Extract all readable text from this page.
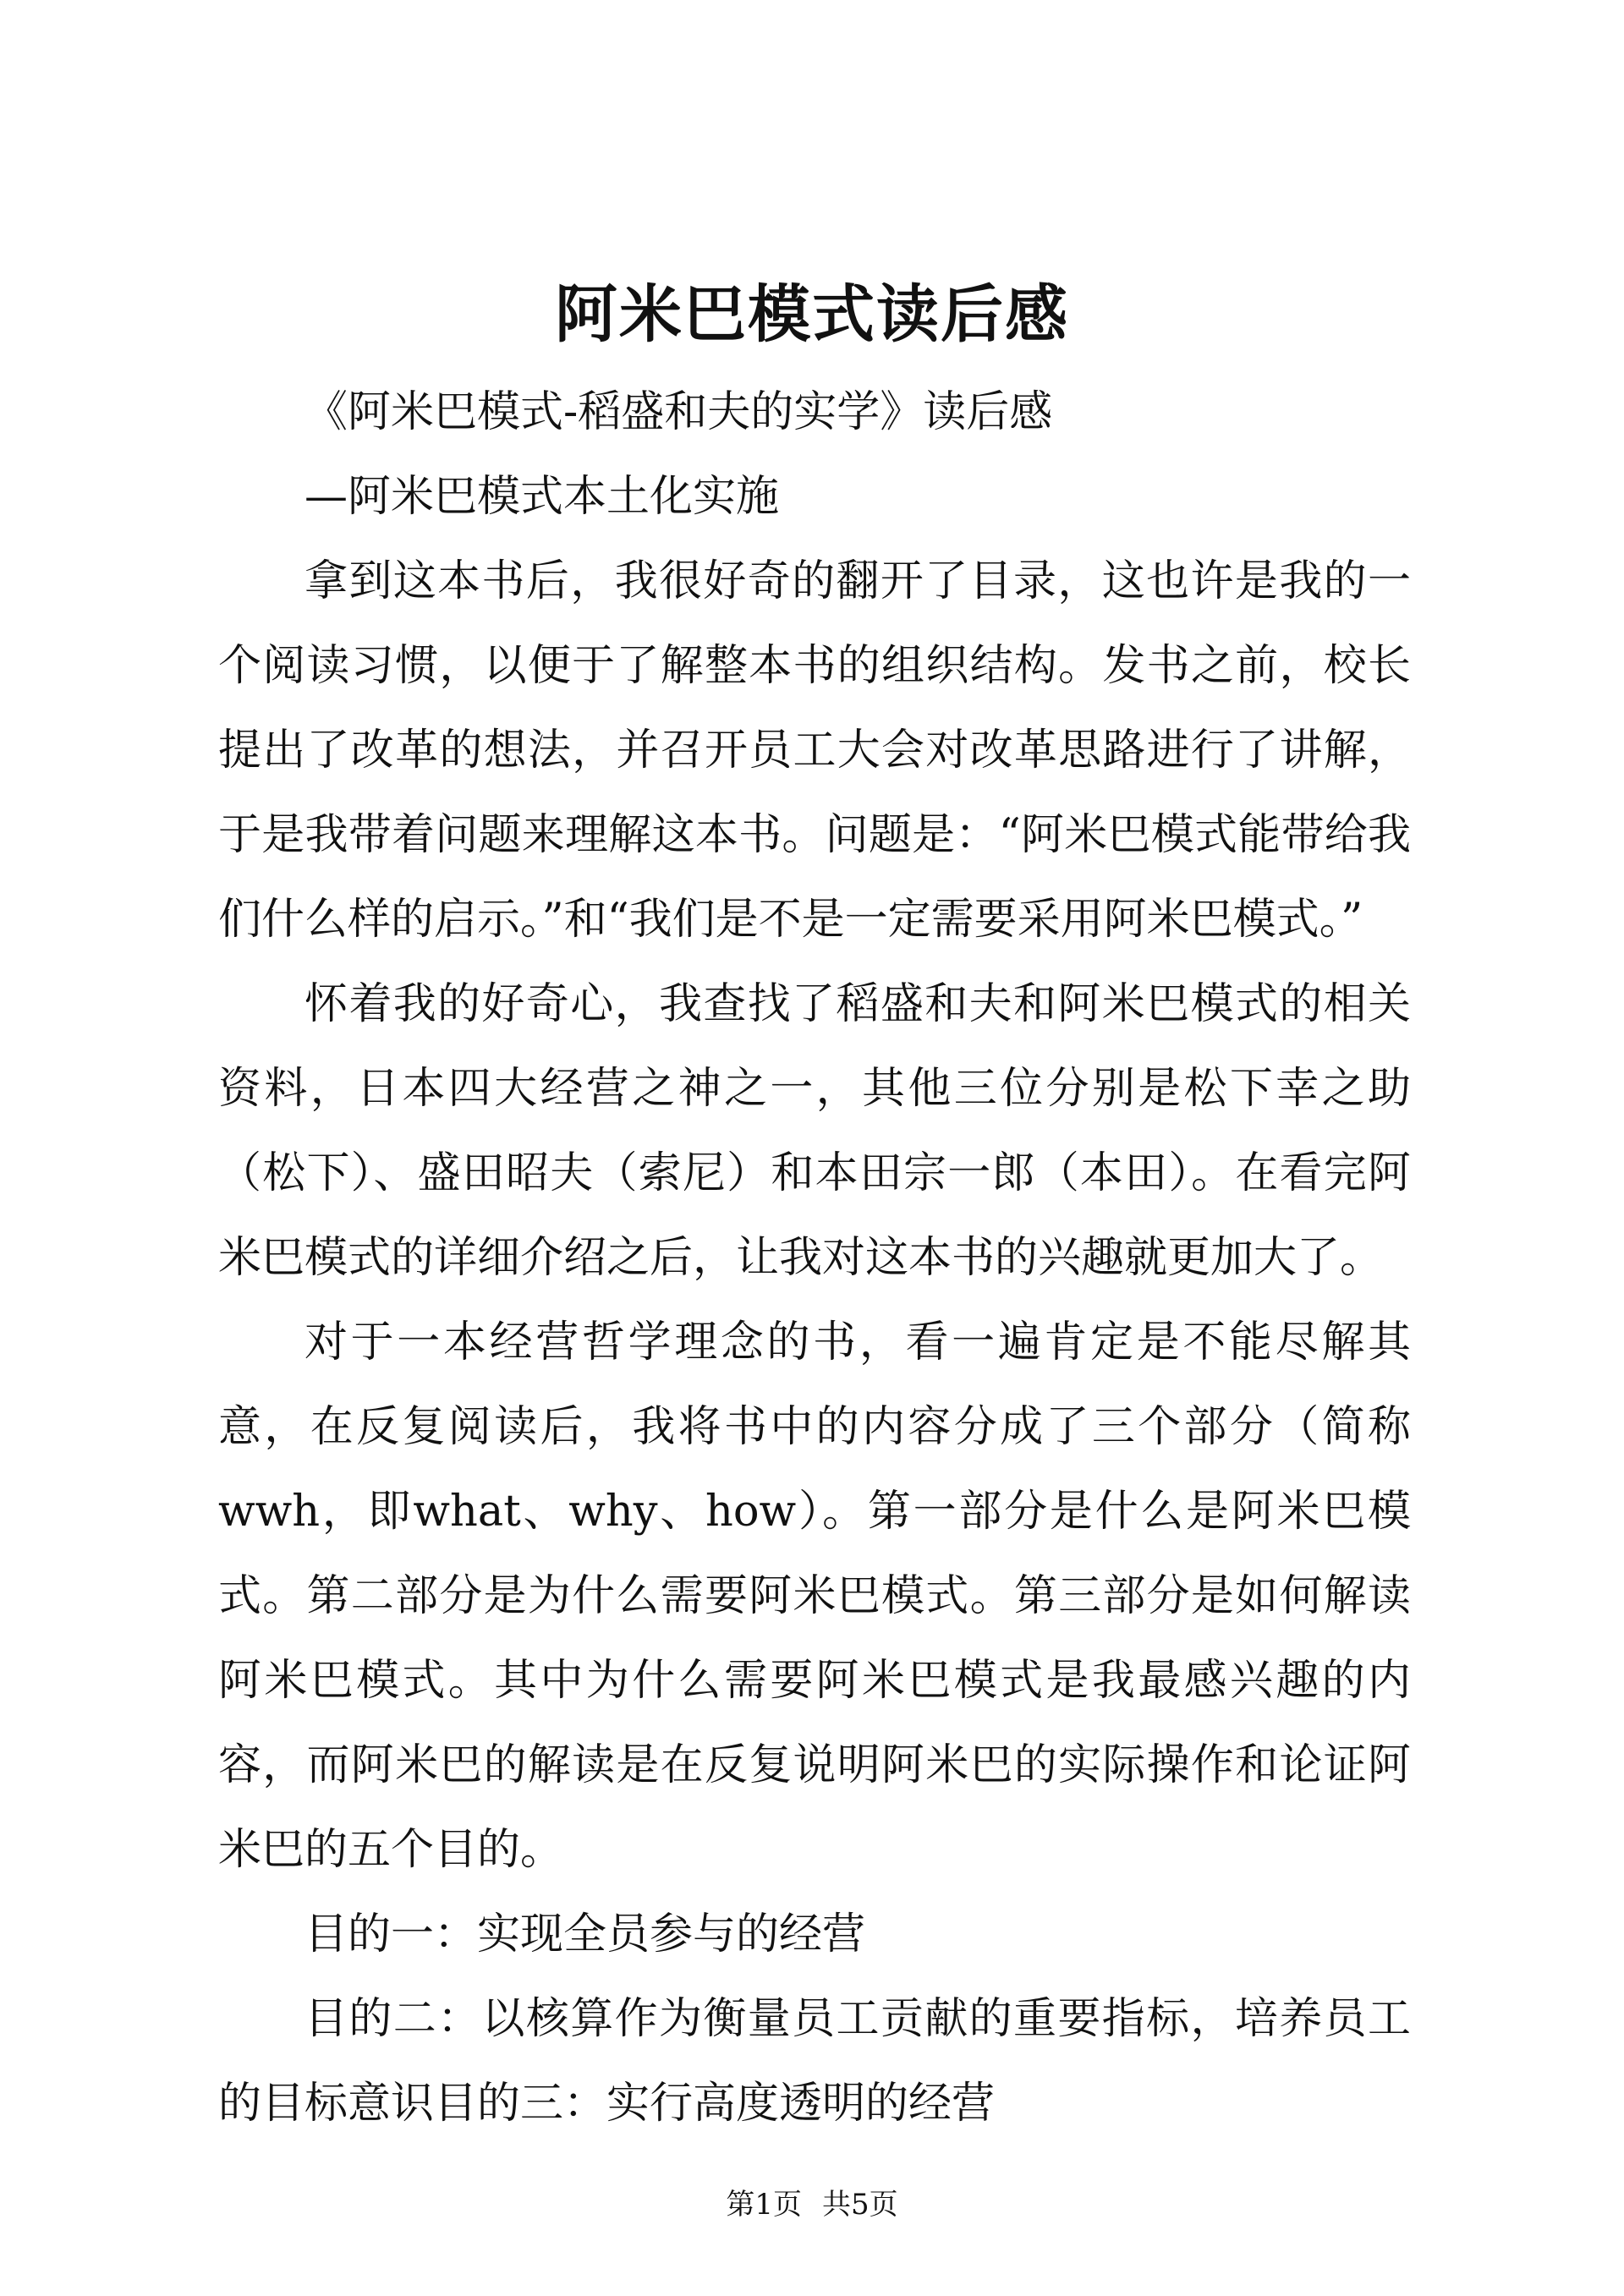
阿米巴模式读后感

《阿米巴模式-稻盛和夫的实学》读后感

—阿米巴模式本土化实施

拿到这本书后，我很好奇的翻开了目录，这也许是我的一个阅读习惯，以便于了解整本书的组织结构。发书之前，校长提出了改革的想法，并召开员工大会对改革思路进行了讲解，于是我带着问题来理解这本书。问题是：“阿米巴模式能带给我们什么样的启示。”和“我们是不是一定需要采用阿米巴模式。”

怀着我的好奇心，我查找了稻盛和夫和阿米巴模式的相关资料，日本四大经营之神之一，其他三位分别是松下幸之助（松下）、盛田昭夫（索尼）和本田宗一郎（本田）。在看完阿米巴模式的详细介绍之后，让我对这本书的兴趣就更加大了。

对于一本经营哲学理念的书，看一遍肯定是不能尽解其意，在反复阅读后，我将书中的内容分成了三个部分（简称wwh，即what、why、how）。第一部分是什么是阿米巴模式。第二部分是为什么需要阿米巴模式。第三部分是如何解读阿米巴模式。其中为什么需要阿米巴模式是我最感兴趣的内容，而阿米巴的解读是在反复说明阿米巴的实际操作和论证阿米巴的五个目的。

目的一：实现全员参与的经营

目的二：以核算作为衡量员工贡献的重要指标，培养员工的目标意识目的三：实行高度透明的经营

第1页 共5页
